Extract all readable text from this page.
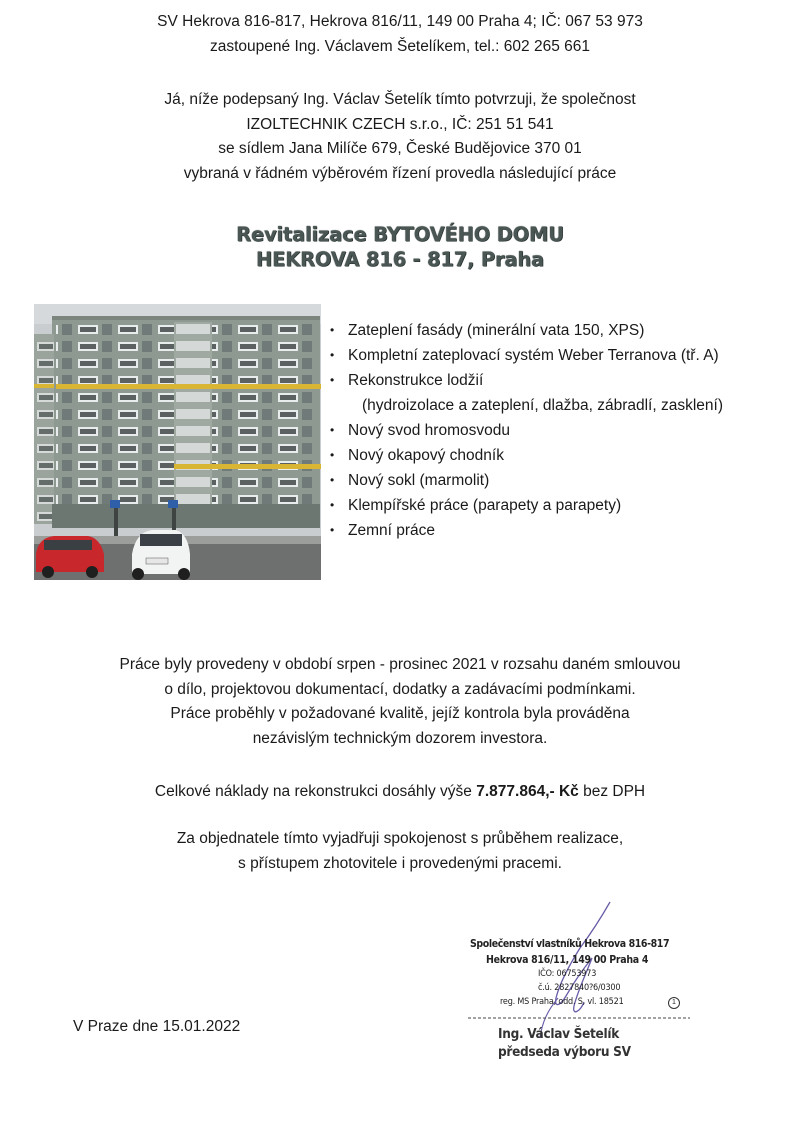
SV Hekrova 816-817, Hekrova 816/11, 149 00 Praha 4; IČ: 067 53 973
zastoupené Ing. Václavem Šetelíkem, tel.: 602 265 661
Já, níže podepsaný Ing. Václav Šetelík tímto potvrzuji, že společnost
IZOLTECHNIK CZECH s.r.o., IČ: 251 51 541
se sídlem Jana Milíče 679, České Budějovice 370 01
vybraná v řádném výběrovém řízení provedla následující práce
Revitalizace BYTOVÉHO DOMU
HEKROVA 816 - 817, Praha
• Zateplení fasády (minerální vata 150, XPS)
• Kompletní zateplovací systém Weber Terranova (tř. A)
• Rekonstrukce lodžií
(hydroizolace a zateplení, dlažba, zábradlí, zasklení)
• Nový svod hromosvodu
• Nový okapový chodník
• Nový sokl (marmolit)
• Klempířské práce (parapety a parapety)
• Zemní práce
Práce byly provedeny v období srpen - prosinec 2021 v rozsahu daném smlouvou
o dílo, projektovou dokumentací, dodatky a zadávacími podmínkami.
Práce proběhly v požadované kvalitě, jejíž kontrola byla prováděna
nezávislým technickým dozorem investora.
Celkové náklady na rekonstrukci dosáhly výše 7.877.864,- Kč bez DPH
Za objednatele tímto vyjadřuji spokojenost s průběhem realizace,
s přístupem zhotovitele i provedenými pracemi.
V Praze dne 15.01.2022
Společenství vlastníků Hekrova 816-817
Hekrova 816/11, 149 00 Praha 4
IČO: 06753973
č.ú. 2827840?6/0300
reg. MS Praha, odd. S, vl. 18521	1
Ing. Václav Šetelík
předseda výboru SV
